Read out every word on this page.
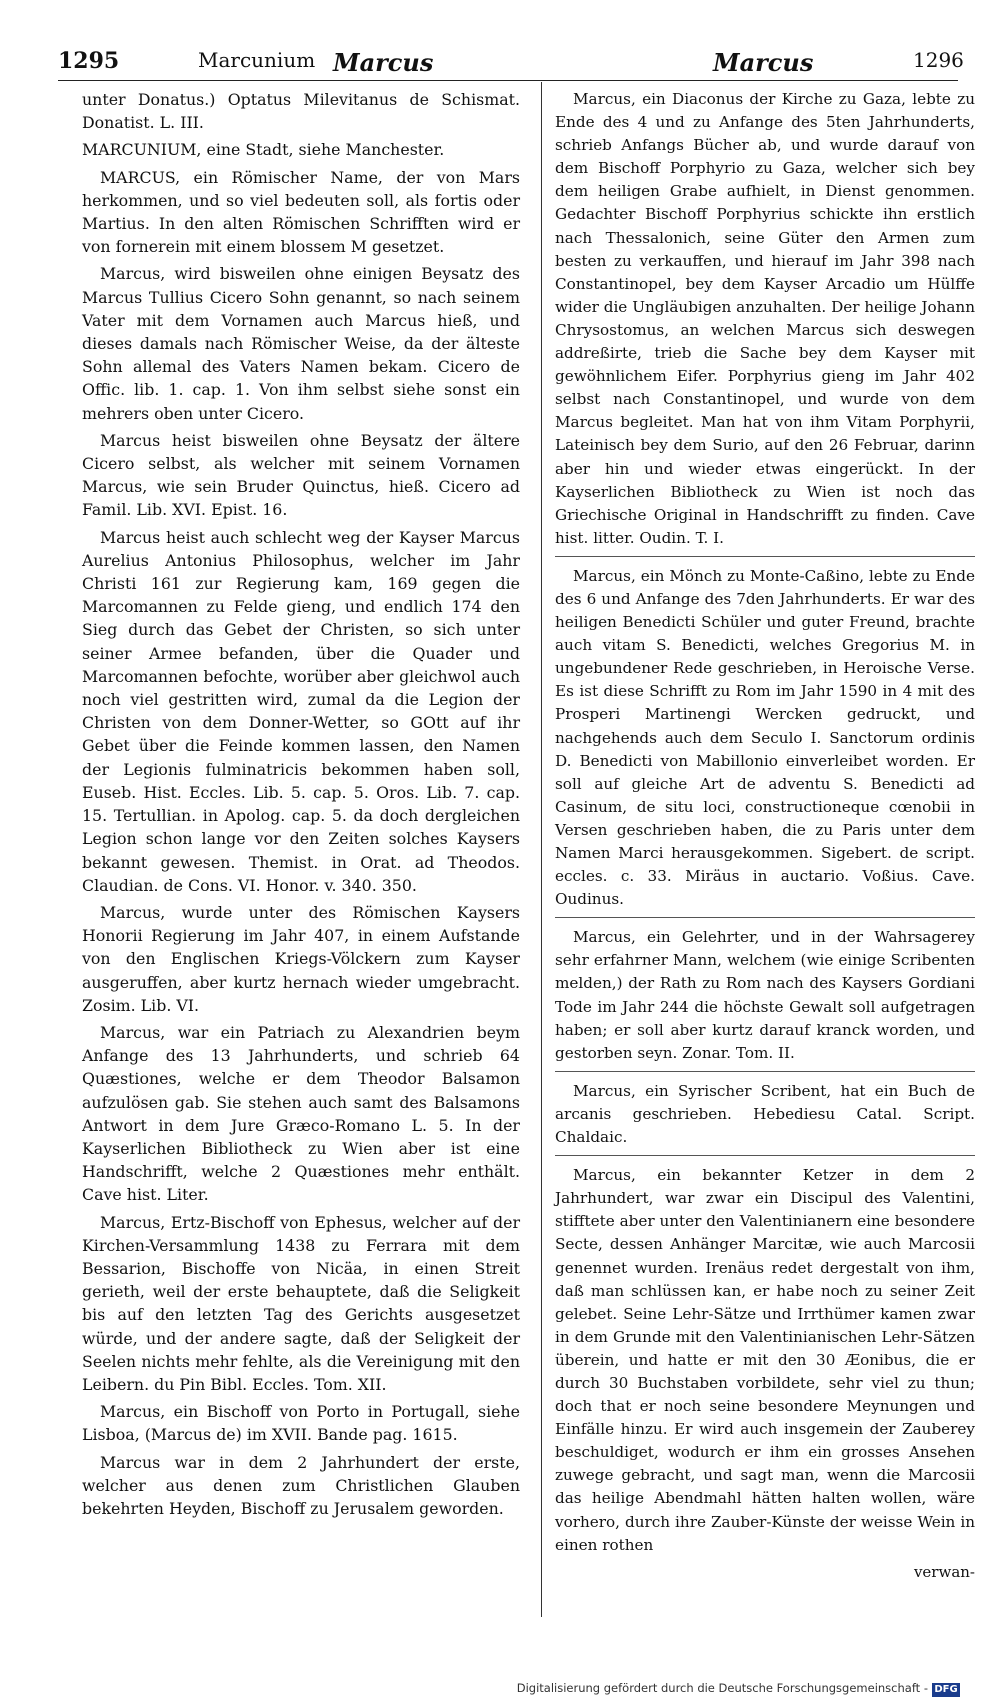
1295	Marcunium Marcus	Marcus	1296

unter Donatus.) Optatus Milevitanus de Schismat. Donatist. L. III.

MARCUNIUM, eine Stadt, siehe Manchester.

MARCUS, ein Römischer Name, der von Mars herkommen, und so viel bedeuten soll, als fortis oder Martius. In den alten Römischen Schrifften wird er von fornerein mit einem blossem M gesetzet.

Marcus, wird bisweilen ohne einigen Beysatz des Marcus Tullius Cicero Sohn genannt, so nach seinem Vater mit dem Vornamen auch Marcus hieß, und dieses damals nach Römischer Weise, da der älteste Sohn allemal des Vaters Namen bekam. Cicero de Offic. lib. 1. cap. 1. Von ihm selbst siehe sonst ein mehrers oben unter Cicero.

Marcus heist bisweilen ohne Beysatz der ältere Cicero selbst, als welcher mit seinem Vornamen Marcus, wie sein Bruder Quinctus, hieß. Cicero ad Famil. Lib. XVI. Epist. 16.

Marcus heist auch schlecht weg der Kayser Marcus Aurelius Antonius Philosophus, welcher im Jahr Christi 161 zur Regierung kam, 169 gegen die Marcomannen zu Felde gieng, und endlich 174 den Sieg durch das Gebet der Christen, so sich unter seiner Armee befanden, über die Quader und Marcomannen befochte, worüber aber gleichwol auch noch viel gestritten wird, zumal da die Legion der Christen von dem Donner-Wetter, so GOtt auf ihr Gebet über die Feinde kommen lassen, den Namen der Legionis fulminatricis bekommen haben soll, Euseb. Hist. Eccles. Lib. 5. cap. 5. Oros. Lib. 7. cap. 15. Tertullian. in Apolog. cap. 5. da doch dergleichen Legion schon lange vor den Zeiten solches Kaysers bekannt gewesen. Themist. in Orat. ad Theodos. Claudian. de Cons. VI. Honor. v. 340. 350.

Marcus, wurde unter des Römischen Kaysers Honorii Regierung im Jahr 407, in einem Aufstande von den Englischen Kriegs-Völckern zum Kayser ausgeruffen, aber kurtz hernach wieder umgebracht. Zosim. Lib. VI.

Marcus, war ein Patriach zu Alexandrien beym Anfange des 13 Jahrhunderts, und schrieb 64 Quæstiones, welche er dem Theodor Balsamon aufzulösen gab. Sie stehen auch samt des Balsamons Antwort in dem Jure Græco-Romano L. 5. In der Kayserlichen Bibliotheck zu Wien aber ist eine Handschrifft, welche 2 Quæstiones mehr enthält. Cave hist. Liter.

Marcus, Ertz-Bischoff von Ephesus, welcher auf der Kirchen-Versammlung 1438 zu Ferrara mit dem Bessarion, Bischoffe von Nicäa, in einen Streit gerieth, weil der erste behauptete, daß die Seligkeit bis auf den letzten Tag des Gerichts ausgesetzet würde, und der andere sagte, daß der Seligkeit der Seelen nichts mehr fehlte, als die Vereinigung mit den Leibern. du Pin Bibl. Eccles. Tom. XII.

Marcus, ein Bischoff von Porto in Portugall, siehe Lisboa, (Marcus de) im XVII. Bande pag. 1615.

Marcus war in dem 2 Jahrhundert der erste, welcher aus denen zum Christlichen Glauben bekehrten Heyden, Bischoff zu Jerusalem geworden.

Marcus, ein Diaconus der Kirche zu Gaza, lebte zu Ende des 4 und zu Anfange des 5ten Jahrhunderts, schrieb Anfangs Bücher ab, und wurde darauf von dem Bischoff Porphyrio zu Gaza, welcher sich bey dem heiligen Grabe aufhielt, in Dienst genommen. Gedachter Bischoff Porphyrius schickte ihn erstlich nach Thessalonich, seine Güter den Armen zum besten zu verkauffen, und hierauf im Jahr 398 nach Constantinopel, bey dem Kayser Arcadio um Hülffe wider die Ungläubigen anzuhalten. Der heilige Johann Chrysostomus, an welchen Marcus sich deswegen addreßirte, trieb die Sache bey dem Kayser mit gewöhnlichem Eifer. Porphyrius gieng im Jahr 402 selbst nach Constantinopel, und wurde von dem Marcus begleitet. Man hat von ihm Vitam Porphyrii, Lateinisch bey dem Surio, auf den 26 Februar, darinn aber hin und wieder etwas eingerückt. In der Kayserlichen Bibliotheck zu Wien ist noch das Griechische Original in Handschrifft zu finden. Cave hist. litter. Oudin. T. I.

Marcus, ein Mönch zu Monte-Caßino, lebte zu Ende des 6 und Anfange des 7den Jahrhunderts. Er war des heiligen Benedicti Schüler und guter Freund, brachte auch vitam S. Benedicti, welches Gregorius M. in ungebundener Rede geschrieben, in Heroische Verse. Es ist diese Schrifft zu Rom im Jahr 1590 in 4 mit des Prosperi Martinengi Wercken gedruckt, und nachgehends auch dem Seculo I. Sanctorum ordinis D. Benedicti von Mabillonio einverleibet worden. Er soll auf gleiche Art de adventu S. Benedicti ad Casinum, de situ loci, constructioneque cœnobii in Versen geschrieben haben, die zu Paris unter dem Namen Marci herausgekommen. Sigebert. de script. eccles. c. 33. Miräus in auctario. Voßius. Cave. Oudinus.

Marcus, ein Gelehrter, und in der Wahrsagerey sehr erfahrner Mann, welchem (wie einige Scribenten melden,) der Rath zu Rom nach des Kaysers Gordiani Tode im Jahr 244 die höchste Gewalt soll aufgetragen haben; er soll aber kurtz darauf kranck worden, und gestorben seyn. Zonar. Tom. II.

Marcus, ein Syrischer Scribent, hat ein Buch de arcanis geschrieben. Hebediesu Catal. Script. Chaldaic.

Marcus, ein bekannter Ketzer in dem 2 Jahrhundert, war zwar ein Discipul des Valentini, stifftete aber unter den Valentinianern eine besondere Secte, dessen Anhänger Marcitæ, wie auch Marcosii genennet wurden. Irenäus redet dergestalt von ihm, daß man schlüssen kan, er habe noch zu seiner Zeit gelebet. Seine Lehr-Sätze und Irrthümer kamen zwar in dem Grunde mit den Valentinianischen Lehr-Sätzen überein, und hatte er mit den 30 Æonibus, die er durch 30 Buchstaben vorbildete, sehr viel zu thun; doch that er noch seine besondere Meynungen und Einfälle hinzu. Er wird auch insgemein der Zauberey beschuldiget, wodurch er ihm ein grosses Ansehen zuwege gebracht, und sagt man, wenn die Marcosii das heilige Abendmahl hätten halten wollen, wäre vorhero, durch ihre Zauber-Künste der weisse Wein in einen rothen

verwan-
Digitalisierung gefördert durch die Deutsche Forschungsgemeinschaft - DFG
